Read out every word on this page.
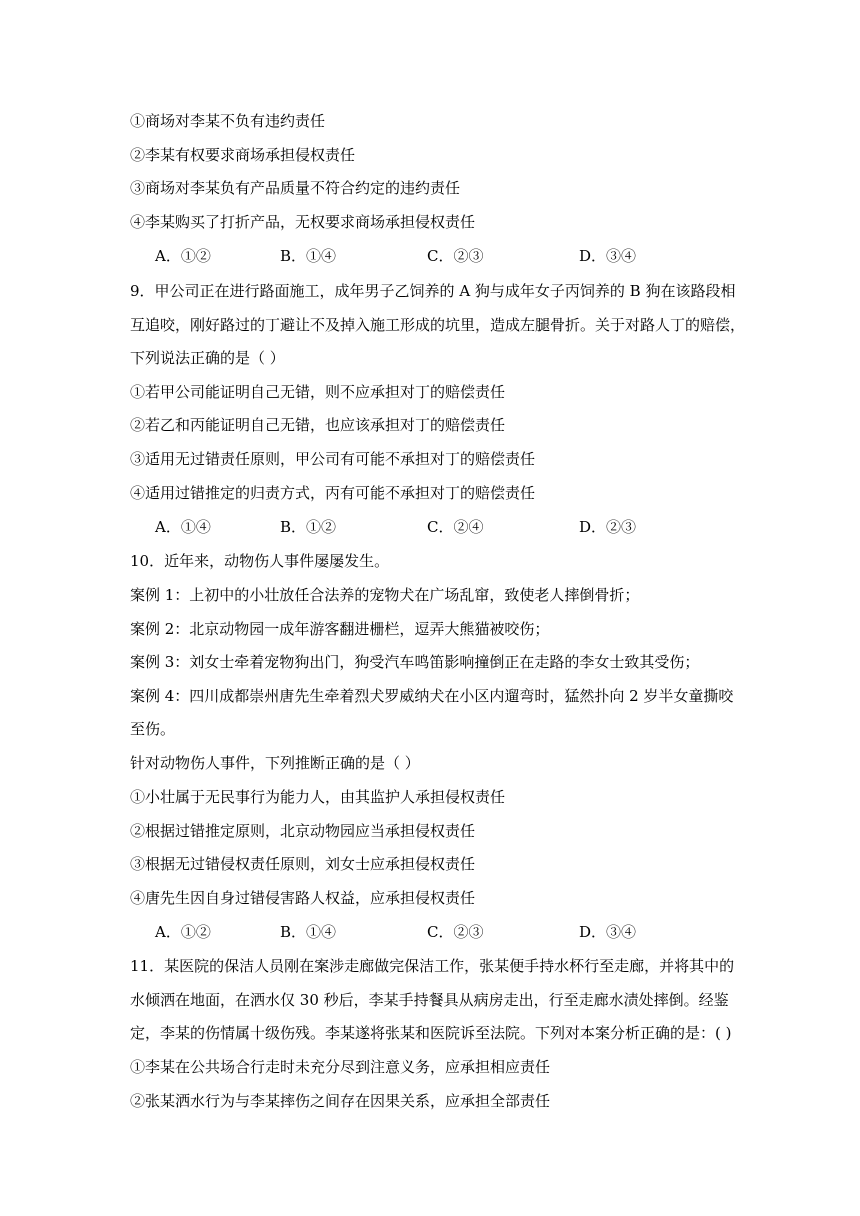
①商场对李某不负有违约责任
②李某有权要求商场承担侵权责任
③商场对李某负有产品质量不符合约定的违约责任
④李某购买了打折产品，无权要求商场承担侵权责任
A．①②	B．①④	C．②③	D．③④
9．甲公司正在进行路面施工，成年男子乙饲养的 A 狗与成年女子丙饲养的 B 狗在该路段相
互追咬，刚好路过的丁避让不及掉入施工形成的坑里，造成左腿骨折。关于对路人丁的赔偿，
下列说法正确的是（ ）
①若甲公司能证明自己无错，则不应承担对丁的赔偿责任
②若乙和丙能证明自己无错，也应该承担对丁的赔偿责任
③适用无过错责任原则，甲公司有可能不承担对丁的赔偿责任
④适用过错推定的归责方式，丙有可能不承担对丁的赔偿责任
A．①④	B．①②	C．②④	D．②③
10．近年来，动物伤人事件屡屡发生。
案例 1：上初中的小壮放任合法养的宠物犬在广场乱窜，致使老人摔倒骨折；
案例 2：北京动物园一成年游客翻进栅栏，逗弄大熊猫被咬伤；
案例 3：刘女士牵着宠物狗出门，狗受汽车鸣笛影响撞倒正在走路的李女士致其受伤；
案例 4：四川成都崇州唐先生牵着烈犬罗威纳犬在小区内遛弯时，猛然扑向 2 岁半女童撕咬
至伤。
针对动物伤人事件，下列推断正确的是（ ）
①小壮属于无民事行为能力人，由其监护人承担侵权责任
②根据过错推定原则，北京动物园应当承担侵权责任
③根据无过错侵权责任原则，刘女士应承担侵权责任
④唐先生因自身过错侵害路人权益，应承担侵权责任
A．①②	B．①④	C．②③	D．③④
11．某医院的保洁人员刚在案涉走廊做完保洁工作，张某便手持水杯行至走廊，并将其中的
水倾洒在地面，在洒水仅 30 秒后，李某手持餐具从病房走出，行至走廊水渍处摔倒。经鉴
定，李某的伤情属十级伤残。李某遂将张某和医院诉至法院。下列对本案分析正确的是：( )
①李某在公共场合行走时未充分尽到注意义务，应承担相应责任
②张某洒水行为与李某摔伤之间存在因果关系，应承担全部责任
